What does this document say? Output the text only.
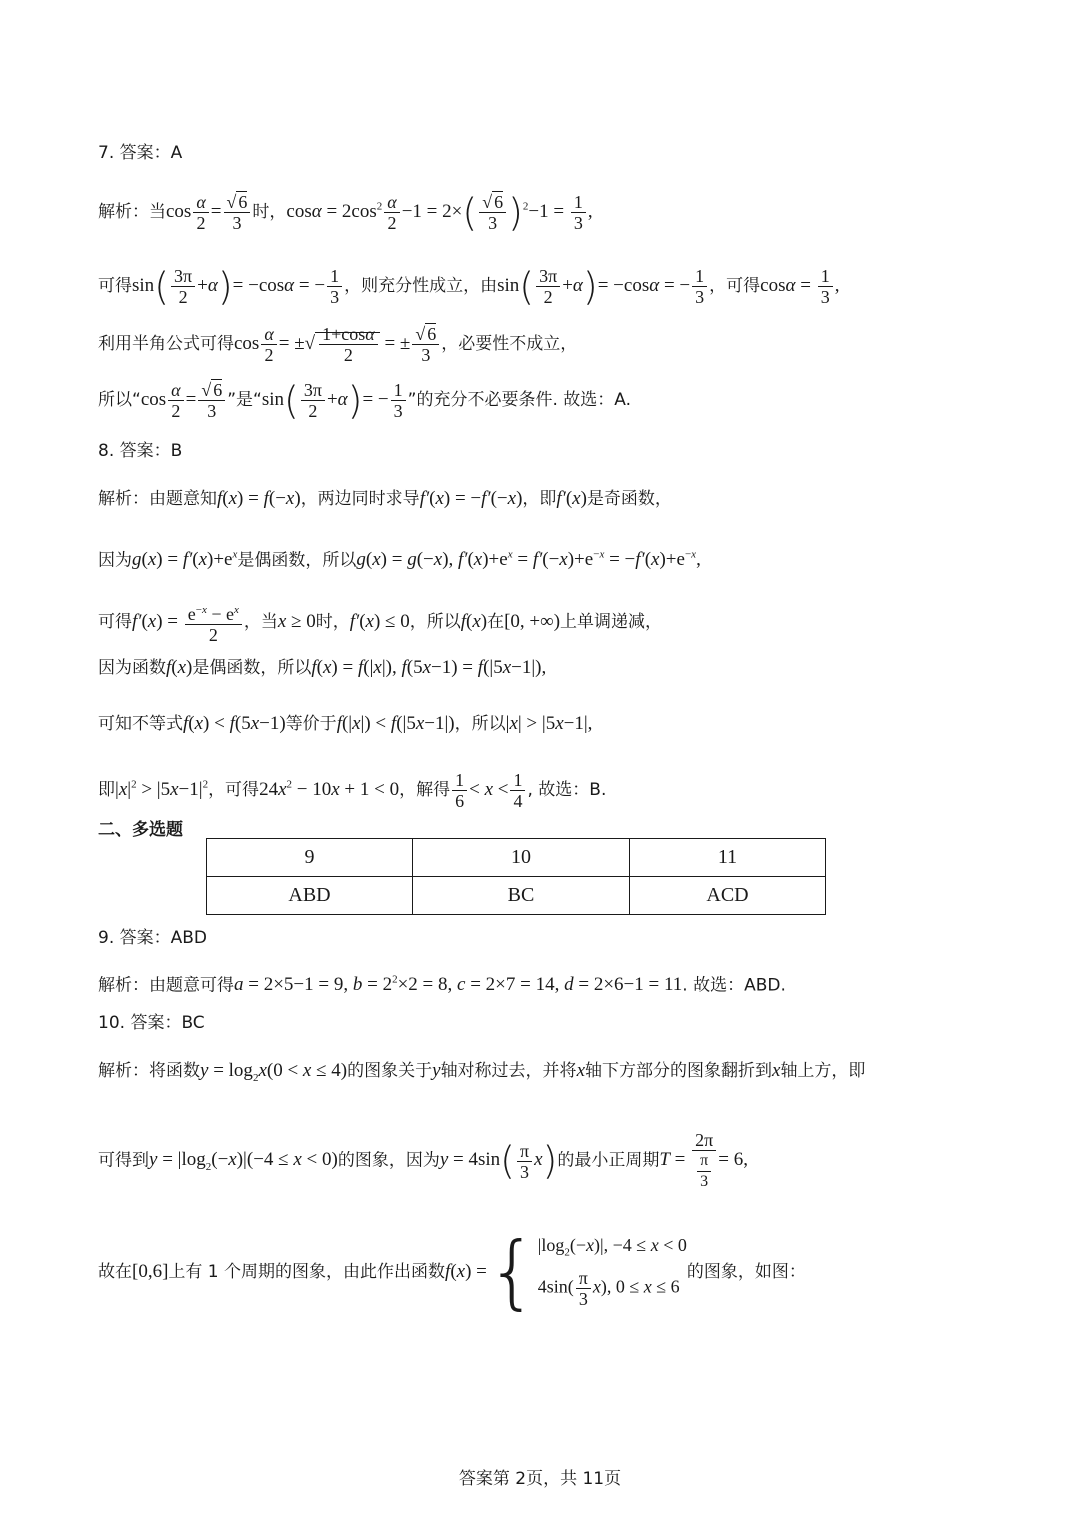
7. 答案：A
解析：当$\cos \frac{\alpha}{2} = \frac{√ 6}{3}$ 时，$\cos\alpha = 2\cos^2 \frac{\alpha}{2} -1 = 2\times( \frac{√ 6}{3} )^2-1 = \frac{1}{3}$ ,
可得$\sin( \frac{3\pi}{2} +\alpha)= -\cos\alpha$ = − $\frac{1}{3}$ ，则充分性成立，由$\sin( \frac{3\pi}{2} +\alpha)= -\cos\alpha$ = − $\frac{1}{3}$ ，可得$\cos\alpha = \frac{1}{3}$ ,
利用半角公式可得$\cos \frac{\alpha}{2}$ = ±√ $\frac{1+\cos\alpha}{2}$ = ± $\frac{√ 6}{3}$ ，必要性不成立，
所以“$\cos \frac{\alpha}{2} = \frac{√ 6}{3}$ ”是“$\sin( \frac{3\pi}{2} +\alpha)= - \frac{1}{3}$ ”的充分不必要条件. 故选：A.
8. 答案：B
解析：由题意知f(x) = f(−x)，两边同时求导f′(x) = −f′(−x)，即f′(x)是奇函数，
因为$g(x) = f'(x)+e^x$是偶函数，所以g(x) = g(−x), $f'(x)+e^x = f'(-x)+e^{-x} = -f'(x)+e^{-x}$,
可得$f'(x) = \frac{e^{-x} - e^x}{2}$ ，当x ≥ 0时，f′(x) ≤ 0，所以f(x)在[0, +∞)上单调递减，
因为函数f(x)是偶函数，所以f(x) = f(|x|), f(5x−1) = f(|5x−1|),
可知不等式f(x) < f(5x−1)等价于f(|x|) < f(|5x−1|)，所以|x| > |5x−1|,
即$|x|^2 > |5x-1|^2$，可得$24x^2 - 10x + 1 < 0$，解得 $\frac{1}{6} < x < \frac{1}{4}$ , 故选：B.
二、多选题
9	10	11
ABD	BC	ACD
9. 答案：ABD
解析：由题意可得a = 2×5−1 = 9, $b = 2^2\times 2 = 8$, c = 2×7 = 14, d = 2×6−1 = 11. 故选：ABD.
10. 答案：BC
解析：将函数$y = \log_2x(0 < x \le 4)$的图象关于y轴对称过去，并将x轴下方部分的图象翻折到x轴上方，即
可得到$y = |\log_2(-x)|(-4 \le x < 0)$的图象，因为$y = 4\sin( \frac{\pi}{3} x)$的最小正周期$T = \frac{2\pi}{\frac{\pi}{3}} = 6$,
故在[0,6]上有 1 个周期的图象，由此作出函数f(x) ={ $|\log_2(-x)|$, −4 ≤ x < 0
$4\sin( \frac{\pi}{3} x)$, 0 ≤ x ≤ 6
的图象，如图：
答案第 2页，共 11页
